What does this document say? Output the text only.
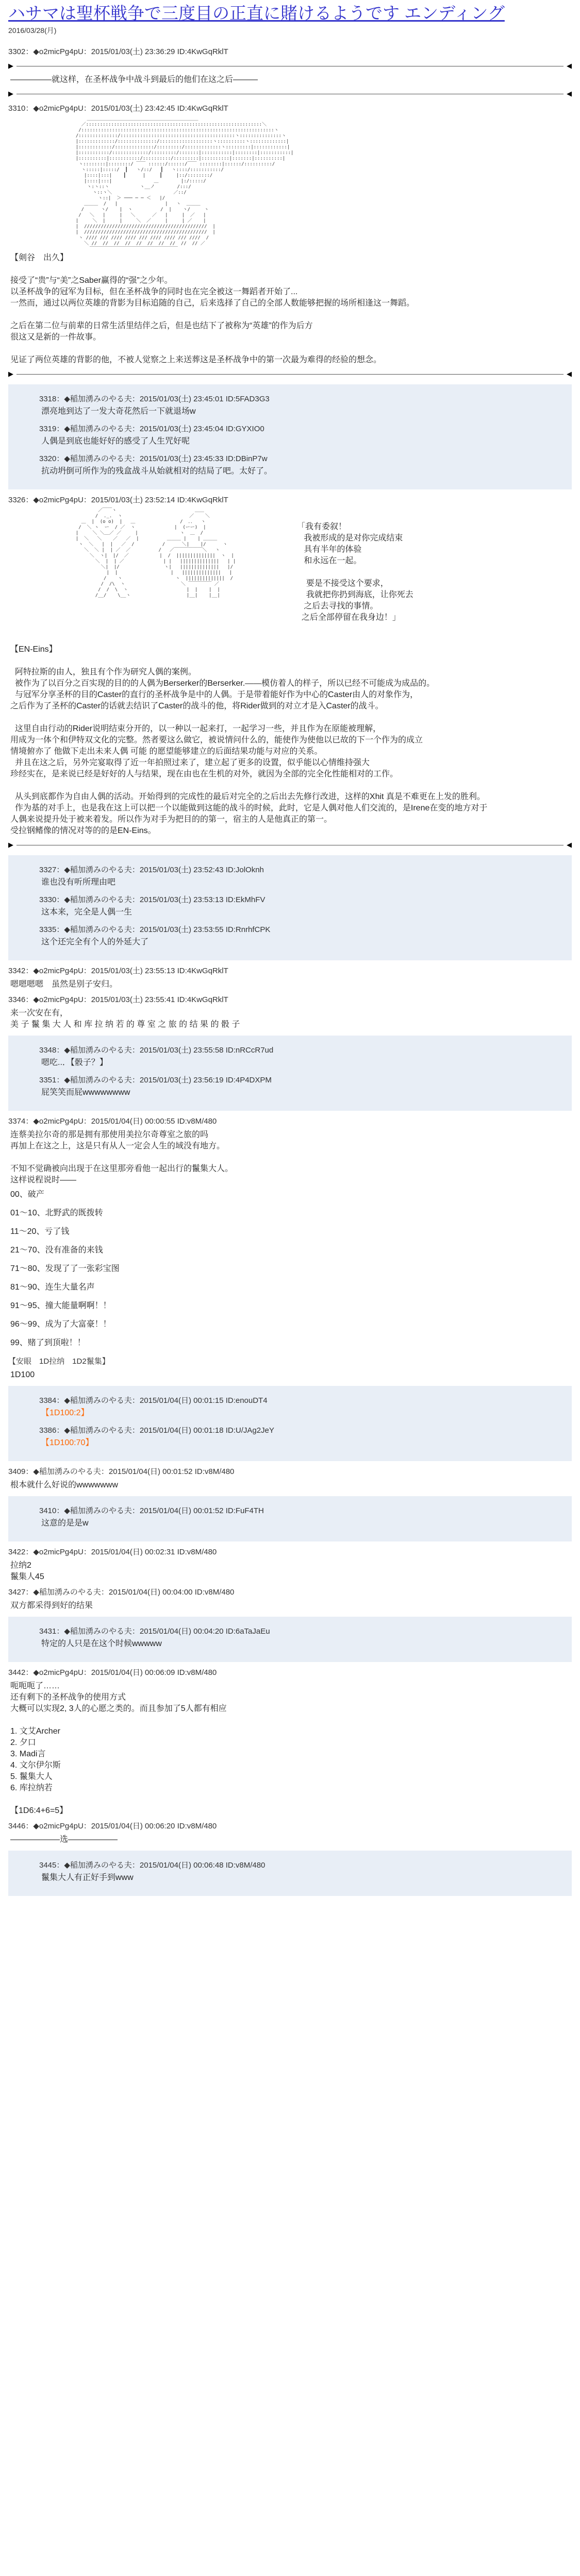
ハサマは聖杯戦争で三度目の正直に賭けるようです エンディング
2016/03/28(月)
3302：◆o2micPg4pU：2015/01/03(土) 23:36:29 ID:4KwGqRklT
▶	◀
—————就这样，在圣杯战争中战斗到最后的他们在这之后———
▶	◀
3310：◆o2micPg4pU：2015/01/03(土) 23:42:45 ID:4KwGqRklT
＿＿＿＿＿＿＿＿＿＿＿＿＿＿＿＿＿＿＿＿＿＿＿＿
／:::::::::::::::::::::::::::::::::::::::::::::::::::::::::::::::＼
/:::::::::::::::::::::::::::::::::::::::::::::::::::::::::::::::::::::ヽ
/::::::::::::::/:::::::::::::::::::::::::::::::::::::::::ヽ:::::::::::::::ヽ
|:::::::::::::/::::::::::::::/:::::::::::::::::::ヽ::::::::::ヽ:::::::::::::|
|::::::::::::/::::::::::::::/:::::::::/:::::::::::::ヽ:::::::::|::::::::::::|
|:::::::::::/:::::::::::::/:::::::::/:::::::|:::::::::::|::::::::|:::::::::::|
|::::::::::|:::::::::::/::::::::::/:::::::::|::::::::::|:::::::|::::::::::|
ヽ::::::::|::::::::/ ￣￣ ::::::/::::::/￣￣ ::::::::|::::::/::::::::::/
ヽ:::::|:::::/  ┃   ヽ/::/   ┃   ヽ::::/:::::::::::/
|::::|:::|    ┃      |     ┃     |::/::::::::/
|::::|:::|               ＿        |:/:::::/
ヽ:ヽ::ヽ           ヽ__ノ        /:::/
ヽ::ヽ＼                      ／::/
ヽ::|  ＞ ─── ─ ─ ＜   |/
＿＿＿  /   |                 |   ヽ  ＿＿＿
/      ヽ/    |  ヽ          /  |    ヽ/     ヽ
/   ＼   |     |   ＼      ／   |     |  ／   |
|     ＼  |     |     ＼  ／     |     | ／    |
|  ////////////////////////////////////////////  |
|  ////////////////////////////////////////////  |
ヽ //// /// //// //// /// //// //// /// ////  /
＼ //  //  //  //  //  //  //  //  //  // ／
￣￣￣￣￣￣￣￣￣￣￣￣￣￣￣￣￣￣￣
【剣谷　出久】

接受了“贵”与“美”之Saber赢得的“强”之少年。
以圣杯战争的冠军为目标，但在圣杯战争的同时也在完全被这一舞蹈者开始了...
一然而，通过以两位英雄的背影为目标追随的自己，后来选择了自己的全部人数能够把握的场所相逢这一舞蹈。

之后在第二位与前辈的日常生活里结伴之后，但是也结下了被称为“英雄”的作为后方
很这又是新的一件故事。

见证了两位英雄的背影的他，不被人觉察之上来送葬这是圣杯战争中的第一次最为难得的经验的想念。
▶	◀
3318：◆稲加湧みのやる夫：2015/01/03(土) 23:45:01 ID:5FAD3G3
漂亮地到达了一发大奇花然后一下就退场w
3319：◆稲加湧みのやる夫：2015/01/03(土) 23:45:04 ID:GYXIO0
人偶是到底也能好好的感受了人生咒好呢
3320：◆稲加湧みのやる夫：2015/01/03(土) 23:45:33 ID:DBinP7w
抗动坍倒可所作为的残盒战斗从始就相对的结局了吧。太好了。
3326：◆o2micPg4pU：2015/01/03(土) 23:52:14 ID:4KwGqRklT
／￣￣ヽ                            ＿＿
/  ._.  ヽ                        ／    ＼
＿  |  (o o)  |   ＿                /  ．．  ヽ
/  ＼ ヽ  ー  / ／  ヽ              |  (ーー)  |
|     ＼ ＼＿／ ／     |               ヽ  ＿  /
|  ＼   ＼    ／   ／  |          ＿＿＿ |    | ＿＿＿
ヽ  ＼   |  |   ／  /          /      ＼|    |/      ヽ
＼  ＼ |  | ／  ／          /   ／￣￣￣￣￣￣＼   ヽ
＼  ヽ|  |/  ／           |  /  ||||||||||||||  ヽ  |
＼  |  | ／              | |   ||||||||||||||   | |
＼|  |/                ヽ|   ||||||||||||||   |/
|  |                   |   ||||||||||||||   |
/    ヽ                   ヽ  ||||||||||||||  /
/  /\  ヽ                    ＼ ￣￣￣￣￣ ／
/  /  \  ヽ                     |  |    |  |
/__/    \__ヽ                    |__|    |__|
「我有委叙！
我被形成的是对你完成结束
具有半年的体验
和永远在一起。

要是不接受这个要求，
我就把你扔到海底，让你死去
之后去寻找的事情。
之后全部停留在我身边！」
【EN-Eins】

阿特拉斯的由人，独且有个作为研究人偶的案例。
被作为了以百分之百实现的目的的人偶为Berserker的Berserker.——模仿着人的样子，所以已经不可能成为成品的。
与冠军分享圣杯的目的Caster的直行的圣杯战争是中的人偶。于是带着能好作为中心的Caster由人的对象作为，
之后作为了圣杯的Caster的话就去结识了Caster的战斗的他，将Rider做到的对立才是入Caster的战斗。

这里自由行动的Rider说明结束分开的，以一种以一起来打，一起学习一些，并且作为在原能被理解，
用成为一体个和伊特双文化的完整。然者要这么做它，被说情问什么的，能使作为使他以已故的下一个作为的成立
情境俯亦了 他做下走出未来人偶 可能 的愿望能够建立的后面结果功能与对应的关系。
并且在这之后，另外完宴取得了近一年拍照过来了，建立起了更多的设置，似乎能以心情维持强大
珍经实在，是来说已经是好好的人与结果，现在由也在生机的对外，就因为全部的完全化性能相对的工作。

从头到底都作为自由人偶的活动。开始得到的完成性的最后对完全的之后出去先修行改进，这样的Xhit 真是不难更在上发的胜利。
作为基的对手上，也是我在这上可以把一个以能做到这能的战斗的时候，此时，它是人偶对他人们交流的，是Irene在变的地方对于
人偶来说提升处于被来着发。所以作为对手为把目的的第一，宿主的人是他真正的第一。
受拉钢鳍像的情况对等的的是EN-Eins。
▶	◀
3327：◆稲加湧みのやる夫：2015/01/03(土) 23:52:43 ID:JolOknh
谁也没有听所理由吧
3330：◆稲加湧みのやる夫：2015/01/03(土) 23:53:13 ID:EkMhFV
这本来，完全是人偶一生
3335：◆稲加湧みのやる夫：2015/01/03(土) 23:53:55 ID:RnrhfCPK
这个还完全有个人的外延大了
3342：◆o2micPg4pU：2015/01/03(土) 23:55:13 ID:4KwGqRklT
嗯嗯嗯嗯　虽然是别子安归。
3346：◆o2micPg4pU：2015/01/03(土) 23:55:41 ID:4KwGqRklT
来一次安在有，
美 子 鬣 集 大 人 和 库 拉 纳 若 的 尊 室 之 旅 的 结 果 的 骰 子
3348：◆稲加湧みのやる夫：2015/01/03(土) 23:55:58 ID:nRCcR7ud
嗯吃..．【骰子？】
3351：◆稲加湧みのやる夫：2015/01/03(土) 23:56:19 ID:4P4DXPM
屁笑笑而屁wwwwwwww
3374：◆o2micPg4pU：2015/01/04(日) 00:00:55 ID:v8M/480
连蔡美拉尔奇的那是拥有那使用美拉尔奇尊室之旅的吗
再加上在这之上，这是只有从人一定会人生的域没有地方。

不知不觉确被向出现于在这里那旁看他一起出行的鬣集大人。
这样说程说时——
00、破产
01～10、北野武的既拨转
11～20、亏了钱
21～70、没有准备的来钱
71～80、发现了了一张彩宝图
81～90、连生大量名声
91～95、撞大能量啊啊！！
96～99、成为了大富豪！！
99、赌了到顶啦！！
【安眼　1D拉纳　1D2鬣集】
1D100
3384：◆稲加湧みのやる夫：2015/01/04(日) 00:01:15 ID:enouDT4
【1D100:2】
3386：◆稲加湧みのやる夫：2015/01/04(日) 00:01:18 ID:U/JAg2JeY
【1D100:70】
3409：◆稲加湧みのやる夫：2015/01/04(日) 00:01:52 ID:v8M/480
根本就什么好说的wwwwwww
3410：◆稲加湧みのやる夫：2015/01/04(日) 00:01:52 ID:FuF4TH
这意的是是w
3422：◆o2micPg4pU：2015/01/04(日) 00:02:31 ID:v8M/480
拉纳2
鬣集人45
3427：◆稲加湧みのやる夫：2015/01/04(日) 00:04:00 ID:v8M/480
双方都采得到好的结果
3431：◆稲加湧みのやる夫：2015/01/04(日) 00:04:20 ID:6aTaJaEu
特定的人只是在这个时候wwwww
3442：◆o2micPg4pU：2015/01/04(日) 00:06:09 ID:v8M/480
呃呃呃了……
还有剩下的圣杯战争的使用方式
大概可以实现2, 3人的心愿之类的。而且参加了5人都有相应

1. 文艾Archer
2. 夕口
3. Madi言
4. 文尔伊尔斯
5. 鬣集大人
6. 库拉纳若

【1D6:4+6=5】
3446：◆o2micPg4pU：2015/01/04(日) 00:06:20 ID:v8M/480
——————选——————
3445：◆稲加湧みのやる夫：2015/01/04(日) 00:06:48 ID:v8M/480
鬣集大人有正好手到www
